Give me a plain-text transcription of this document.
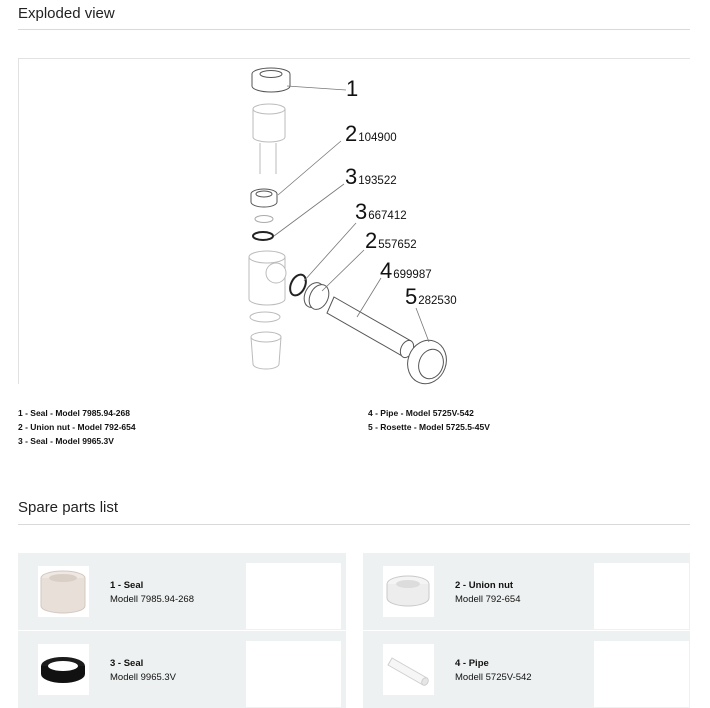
Exploded view
1
2104900
3193522
3667412
2557652
4699987
5282530
1 - Seal - Model 7985.94-268
2 - Union nut - Model 792-654
3 - Seal - Model 9965.3V
4 - Pipe - Model 5725V-542
5 - Rosette - Model 5725.5-45V
Spare parts list
1 - Seal
Modell 7985.94-268
3 - Seal
Modell 9965.3V
2 - Union nut
Modell 792-654
4 - Pipe
Modell 5725V-542
